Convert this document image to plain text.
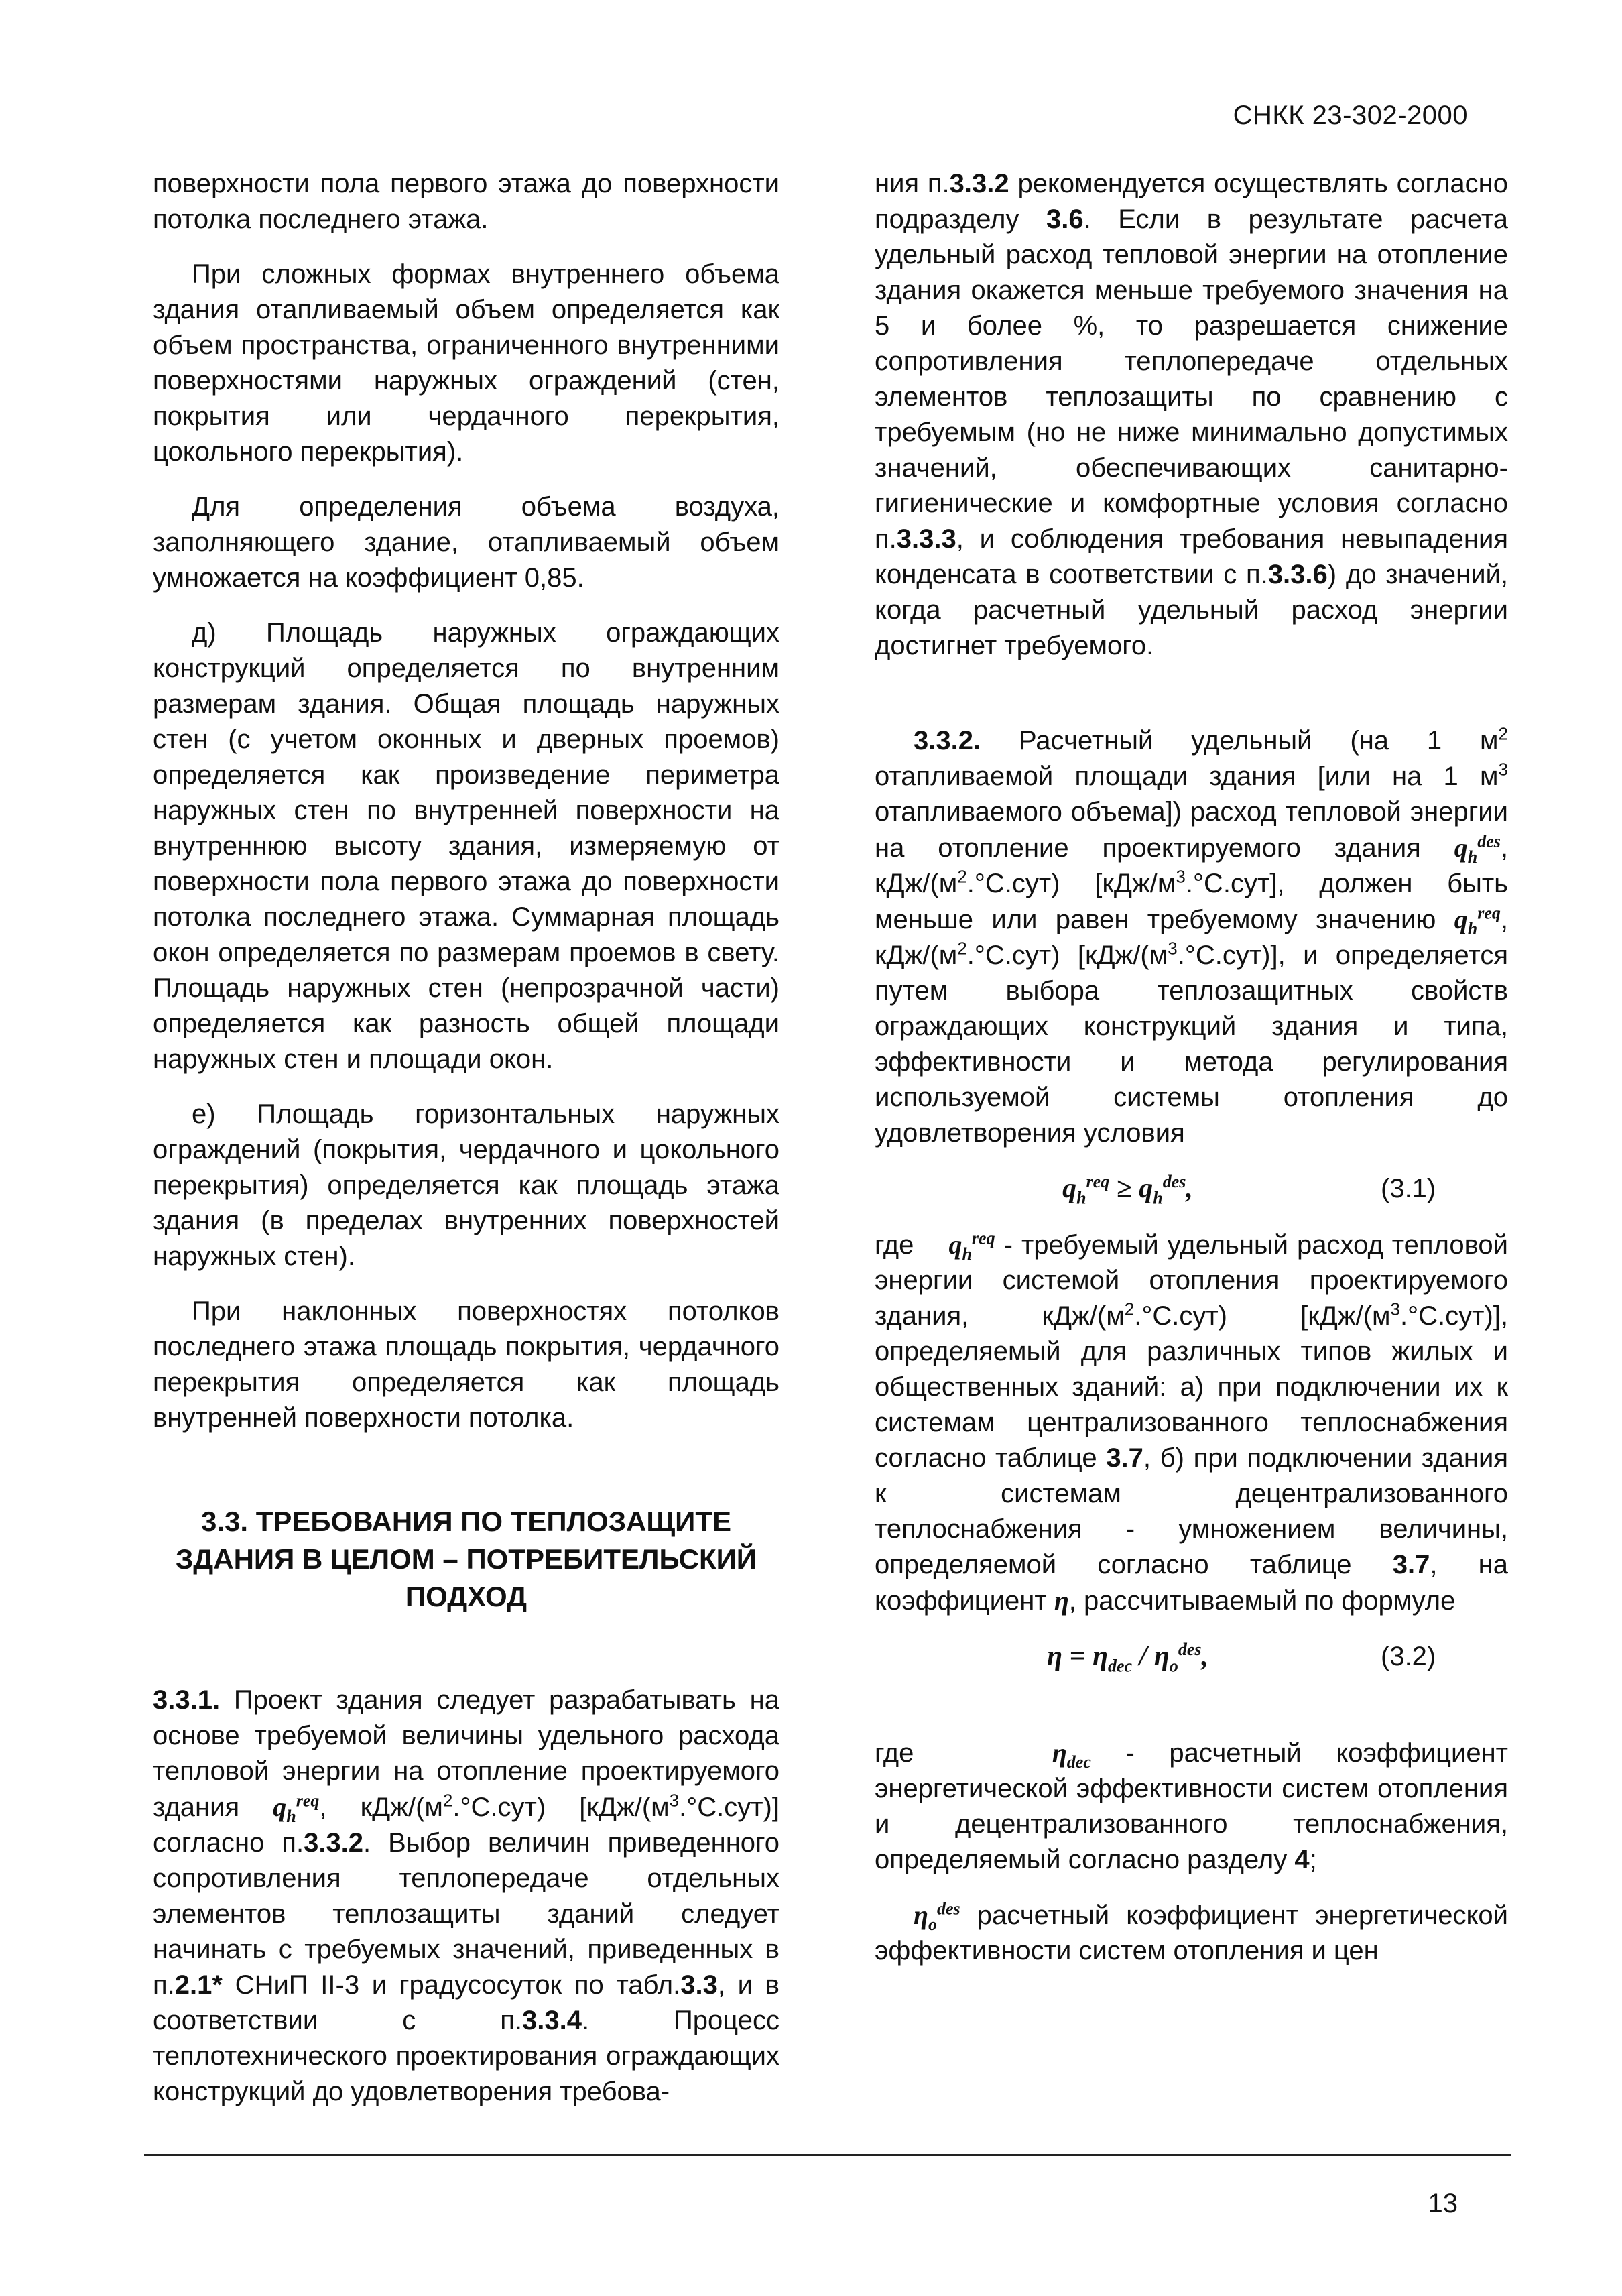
СНКК 23-302-2000

поверхности пола первого этажа до поверхности потолка последнего этажа.

При сложных формах внутреннего объема здания отапливаемый объем определяется как объем пространства, ограниченного внутренними поверхностями наружных ограждений (стен, покрытия или чердачного перекрытия, цокольного перекрытия).

Для определения объема воздуха, заполняющего здание, отапливаемый объем умножается на коэффициент 0,85.

д) Площадь наружных ограждающих конструкций определяется по внутренним размерам здания. Общая площадь наружных стен (с учетом оконных и дверных проемов) определяется как произведение периметра наружных стен по внутренней поверхности на внутреннюю высоту здания, измеряемую от поверхности пола первого этажа до поверхности потолка последнего этажа. Суммарная площадь окон определяется по размерам проемов в свету. Площадь наружных стен (непрозрачной части) определяется как разность общей площади наружных стен и площади окон.

е) Площадь горизонтальных наружных ограждений (покрытия, чердачного и цокольного перекрытия) определяется как площадь этажа здания (в пределах внутренних поверхностей наружных стен).

При наклонных поверхностях потолков последнего этажа площадь покрытия, чердачного перекрытия определяется как площадь внутренней поверхности потолка.

3.3. ТРЕБОВАНИЯ ПО ТЕПЛОЗАЩИТЕ ЗДАНИЯ В ЦЕЛОМ – ПОТРЕБИТЕЛЬСКИЙ ПОДХОД

3.3.1. Проект здания следует разрабатывать на основе требуемой величины удельного расхода тепловой энергии на отопление проектируемого здания $q_h^{req}$, кДж/$(м^2.^\circ С.сут)$ $[кДж/(м^3.^\circ С.сут)]$ согласно п.3.3.2. Выбор величин приведенного сопротивления теплопередаче отдельных элементов теплозащиты зданий следует начинать с требуемых значений, приведенных в п.2.1* СНиП II-3 и градусосуток по табл.3.3, и в соответствии с п.3.3.4. Процесс теплотехнического проектирования ограждающих конструкций до удовлетворения требова-

ния п.3.3.2 рекомендуется осуществлять согласно подразделу 3.6. Если в результате расчета удельный расход тепловой энергии на отопление здания окажется меньше требуемого значения на 5 и более %, то разрешается снижение сопротивления теплопередаче отдельных элементов теплозащиты по сравнению с требуемым (но не ниже минимально допустимых значений, обеспечивающих санитарно-гигиенические и комфортные условия согласно п.3.3.3, и соблюдения требования невыпадения конденсата в соответствии с п.3.3.6) до значений, когда расчетный удельный расход энергии достигнет требуемого.

3.3.2. Расчетный удельный (на 1 $м^2$ отапливаемой площади здания [или на 1 $м^3$ отапливаемого объема]) расход тепловой энергии на отопление проектируемого здания $q_h^{des}$, кДж/$(м^2.^\circ С.сут)$ $[кДж/м^3.^\circ С.сут]$, должен быть меньше или равен требуемому значению $q_h^{req}$, кДж/$(м^2.^\circ С.сут)$ $[кДж/(м^3.^\circ С.сут)]$, и определяется путем выбора теплозащитных свойств ограждающих конструкций здания и типа, эффективности и метода регулирования используемой системы отопления до удовлетворения условия

$q_h^{req} \ge q_h^{des}$,	(3.1)

где $q_h^{req}$ - требуемый удельный расход тепловой энергии системой отопления проектируемого здания, кДж/$(м^2.^\circ С.сут)$ $[кДж/(м^3.^\circ С.сут)]$, определяемый для различных типов жилых и общественных зданий: а) при подключении их к системам централизованного теплоснабжения согласно таблице 3.7, б) при подключении здания к системам децентрализованного теплоснабжения - умножением величины, определяемой согласно таблице 3.7, на коэффициент η, рассчитываемый по формуле

$\eta = \eta_{dec} / \eta_o^{des}$,	(3.2)

где	$\eta_{dec}$ - расчетный коэффициент энергетической эффективности систем отопления и децентрализованного теплоснабжения, определяемый согласно разделу 4;

$\eta_o^{des}$ расчетный коэффициент энергетической эффективности систем отопления и цен

13
